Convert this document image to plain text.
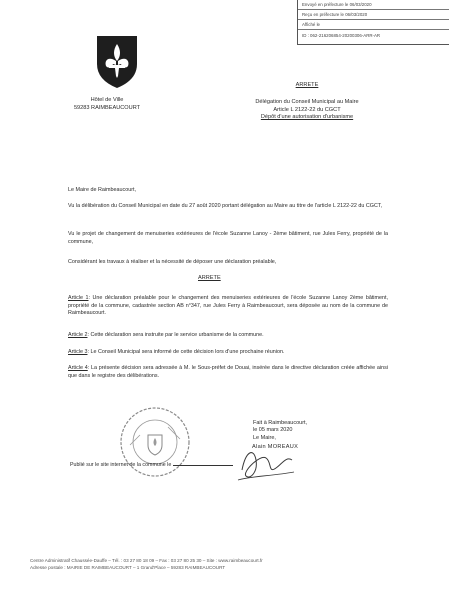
Envoyé en préfecture le 06/03/2020
Reçu en préfecture le 06/03/2020
Affiché le
ID : 062-216206854-20200306-ARR-AR
Hôtel de Ville
59283 RAIMBEAUCOURT
ARRETE
Délégation du Conseil Municipal au Maire
Article L 2122-22 du CGCT
Dépôt d'une autorisation d'urbanisme
Le Maire de Raimbeaucourt,
Vu la délibération du Conseil Municipal en date du 27 août 2020 portant délégation au Maire au titre de l'article L 2122-22 du CGCT,
Vu le projet de changement de menuiseries extérieures de l'école Suzanne Lanoy - 2ème bâtiment, rue Jules Ferry, propriété de la commune,
Considérant les travaux à réaliser et la nécessité de déposer une déclaration préalable,
ARRETE
Article 1: Une déclaration préalable pour le changement des menuiseries extérieures de l'école Suzanne Lanoy 2ème bâtiment, propriété de la commune, cadastrée section AB n°347, rue Jules Ferry à Raimbeaucourt, sera déposée au nom de la commune de Raimbeaucourt.
Article 2: Cette déclaration sera instruite par le service urbanisme de la commune.
Article 3: Le Conseil Municipal sera informé de cette décision lors d'une prochaine réunion.
Article 4: La présente décision sera adressée à M. le Sous-préfet de Douai, insérée dans le directive déclaration créée affichée ainsi que dans le registre des délibérations.
Fait à Raimbeaucourt,
le 05 mars 2020
Le Maire,
Alain MOREAUX
Publié sur le site internet de la commune le
Centre Administratif Chaussée-Dauffe – Tél. : 03 27 80 18 09 – Fax : 03 27 80 25 30 – Site : www.raimbeaucourt.fr
Adresse postale : MAIRIE DE RAIMBEAUCOURT – 1 Grand'Place – 59283 RAIMBEAUCOURT
